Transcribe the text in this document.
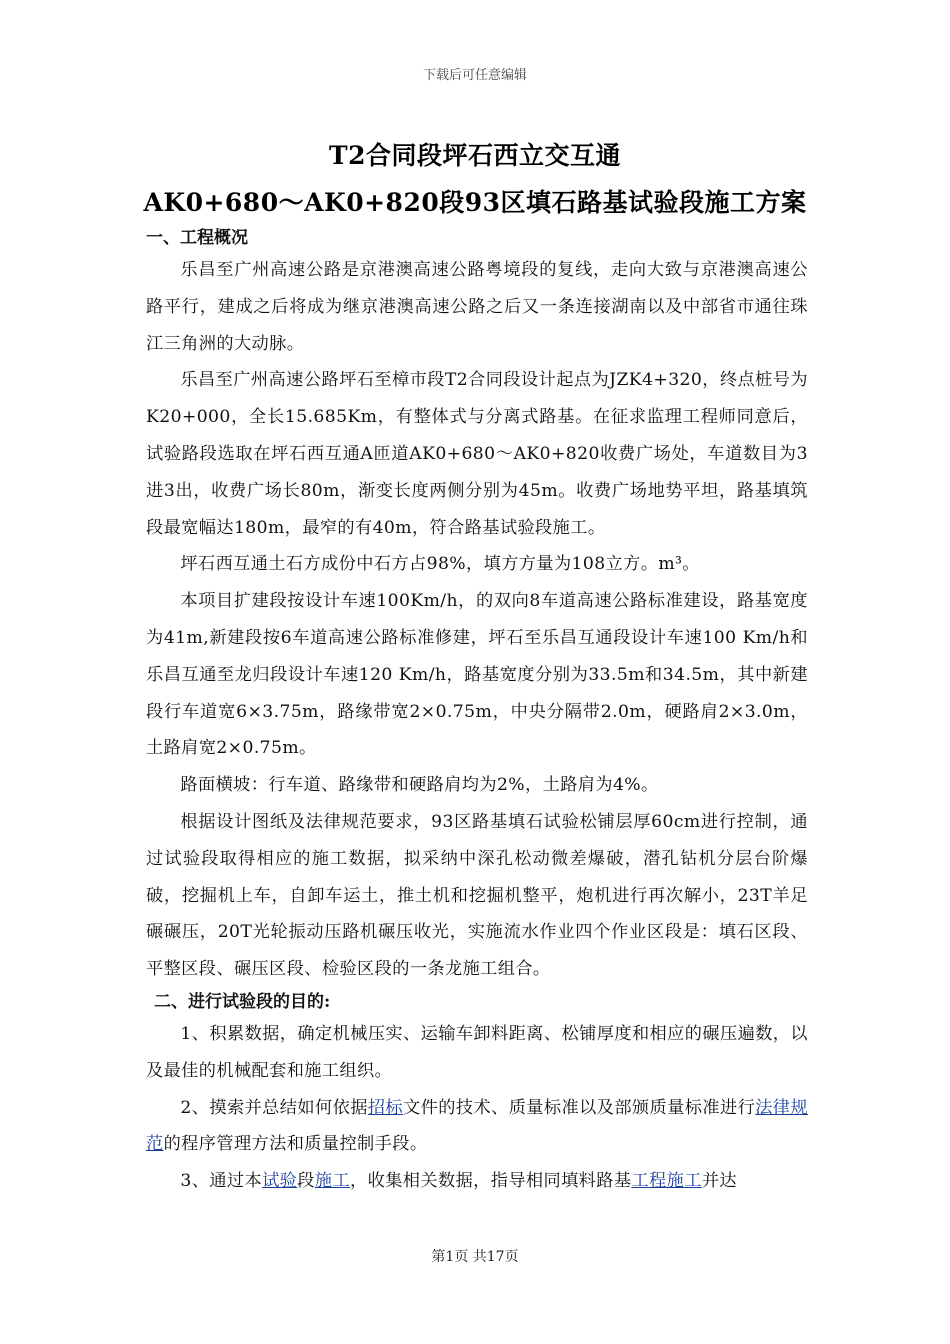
下载后可任意编辑
T2合同段坪石西立交互通
AK0+680～AK0+820段93区填石路基试验段施工方案
一、工程概况

乐昌至广州高速公路是京港澳高速公路粤境段的复线，走向大致与京港澳高速公路平行，建成之后将成为继京港澳高速公路之后又一条连接湖南以及中部省市通往珠江三角洲的大动脉。

乐昌至广州高速公路坪石至樟市段T2合同段设计起点为JZK4+320，终点桩号为K20+000，全长15.685Km，有整体式与分离式路基。在征求监理工程师同意后，试验路段选取在坪石西互通A匝道AK0+680～AK0+820收费广场处，车道数目为3进3出，收费广场长80m，渐变长度两侧分别为45m。收费广场地势平坦，路基填筑段最宽幅达180m，最窄的有40m，符合路基试验段施工。

坪石西互通土石方成份中石方占98%，填方方量为108立方。m³。

本项目扩建段按设计车速100Km/h，的双向8车道高速公路标准建设，路基宽度为41m,新建段按6车道高速公路标准修建，坪石至乐昌互通段设计车速100 Km/h和乐昌互通至龙归段设计车速120 Km/h，路基宽度分别为33.5m和34.5m，其中新建段行车道宽6×3.75m，路缘带宽2×0.75m，中央分隔带2.0m，硬路肩2×3.0m，土路肩宽2×0.75m。

路面横坡：行车道、路缘带和硬路肩均为2%，土路肩为4%。

根据设计图纸及法律规范要求，93区路基填石试验松铺层厚60cm进行控制，通过试验段取得相应的施工数据，拟采纳中深孔松动微差爆破，潜孔钻机分层台阶爆破，挖掘机上车，自卸车运土，推土机和挖掘机整平，炮机进行再次解小，23T羊足碾碾压，20T光轮振动压路机碾压收光，实施流水作业四个作业区段是：填石区段、平整区段、碾压区段、检验区段的一条龙施工组合。

二、进行试验段的目的:

1、积累数据，确定机械压实、运输车卸料距离、松铺厚度和相应的碾压遍数，以及最佳的机械配套和施工组织。

2、摸索并总结如何依据招标文件的技术、质量标准以及部颁质量标准进行法律规范的程序管理方法和质量控制手段。

3、通过本试验段施工，收集相关数据，指导相同填料路基工程施工并达

第1页 共17页
